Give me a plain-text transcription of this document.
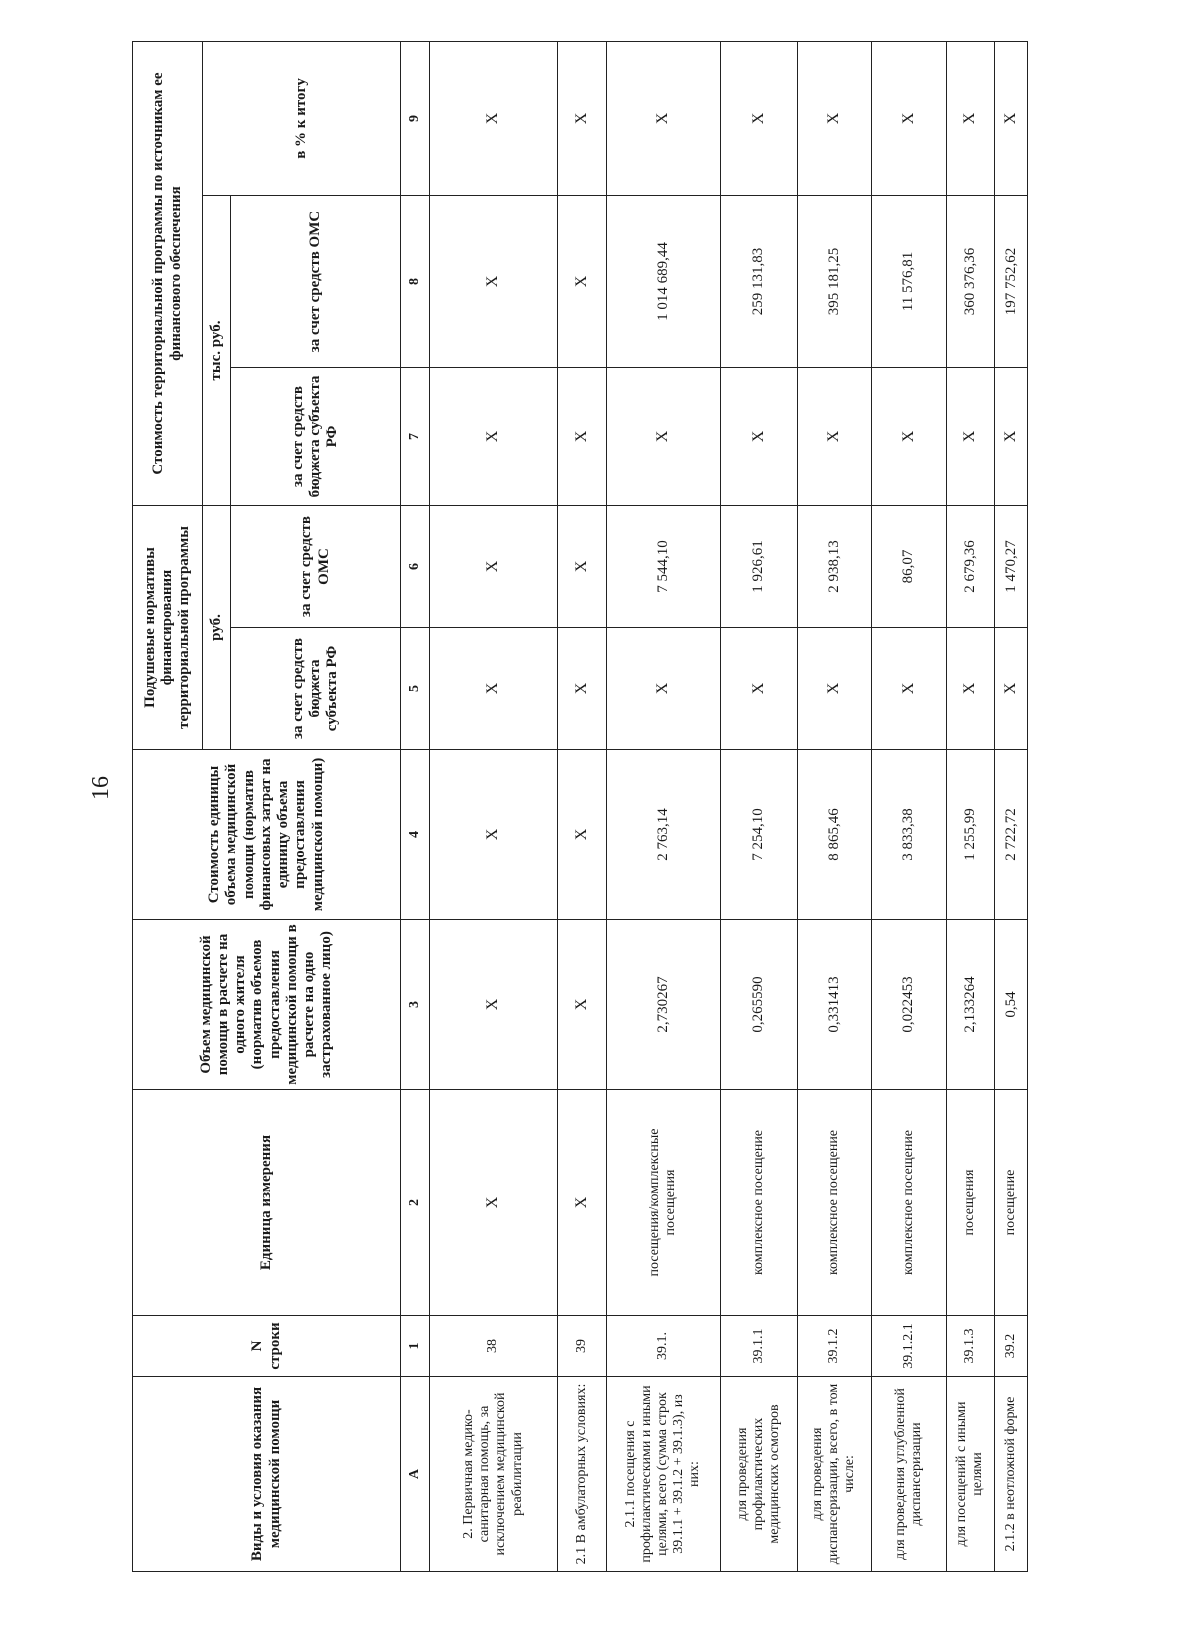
16
Виды и условия оказания медицинской помощи	N строки	Единица измерения	Объем медицинской помощи в расчете на одного жителя (норматив объемов предоставления медицинской помощи в расчете на одно застрахованное лицо)	Стоимость единицы объема медицинской помощи (норматив финансовых затрат на единицу объема предоставления медицинской помощи)	Подушевые нормативы финансирования территориальной программы		Стоимость территориальной программы по источникам ее финансового обеспечения		
					руб.		тыс. руб.		в % к итогу
					за счет средств бюджета субъекта РФ	за счет средств ОМС	за счет средств бюджета субъекта РФ	за счет средств ОМС	
А	1	2	3	4	5	6	7	8	9
2. Первичная медико-санитарная помощь, за исключением медицинской реабилитации	38	X	X	X	X	X	X	X	X
2.1 В амбулаторных условиях:	39	X	X	X	X	X	X	X	X
2.1.1 посещения с профилактическими и иными целями, всего (сумма строк 39.1.1 + 39.1.2 + 39.1.3), из них:	39.1.	посещения/комплексные посещения	2,730267	2 763,14	X	7 544,10	X	1 014 689,44	X
для проведения профилактических медицинских осмотров	39.1.1	комплексное посещение	0,265590	7 254,10	X	1 926,61	X	259 131,83	X
для проведения диспансеризации, всего, в том числе:	39.1.2	комплексное посещение	0,331413	8 865,46	X	2 938,13	X	395 181,25	X
для проведения углубленной диспансеризации	39.1.2.1	комплексное посещение	0,022453	3 833,38	X	86,07	X	11 576,81	X
для посещений с иными целями	39.1.3	посещения	2,133264	1 255,99	X	2 679,36	X	360 376,36	X
2.1.2 в неотложной форме	39.2	посещение	0,54	2 722,72	X	1 470,27	X	197 752,62	X
